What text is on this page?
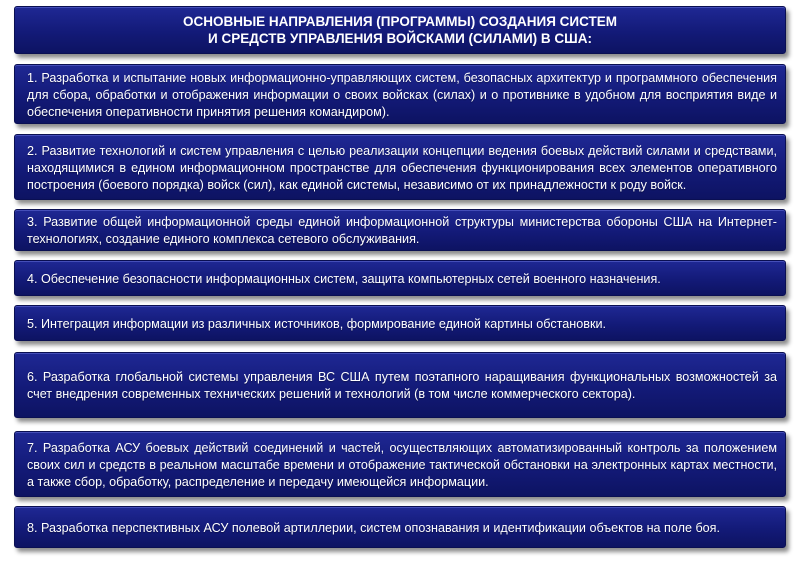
ОСНОВНЫЕ НАПРАВЛЕНИЯ (ПРОГРАММЫ) СОЗДАНИЯ СИСТЕМ
И СРЕДСТВ УПРАВЛЕНИЯ ВОЙСКАМИ (СИЛАМИ) В США:
1. Разработка и испытание новых информационно-управляющих систем, безопасных архитектур и программного обеспечения для сбора, обработки и отображения информации о своих войсках (силах) и о противнике в удобном для восприятия виде и обеспечения оперативности принятия решения командиром).
2. Развитие технологий и систем управления с целью реализации концепции ведения боевых действий силами и средствами, находящимися в едином информационном пространстве для обеспечения функционирования всех элементов оперативного построения (боевого порядка) войск (сил), как единой системы, независимо от их принадлежности к роду войск.
3. Развитие общей информационной среды единой информационной структуры министерства обороны США на Интернет-технологиях, создание единого комплекса сетевого обслуживания.
4. Обеспечение безопасности информационных систем, защита компьютерных сетей военного назначения.
5. Интеграция информации из различных источников, формирование единой картины обстановки.
6. Разработка глобальной системы управления ВС США путем поэтапного наращивания функциональных возможностей за счет внедрения современных технических решений и технологий (в том числе коммерческого сектора).
7. Разработка АСУ боевых действий соединений и частей, осуществляющих автоматизированный контроль за положением своих сил и средств в реальном масштабе времени и отображение тактической обстановки на электронных картах местности, а также сбор, обработку, распределение и передачу имеющейся информации.
8. Разработка перспективных АСУ полевой артиллерии, систем опознавания и идентификации объектов на поле боя.
